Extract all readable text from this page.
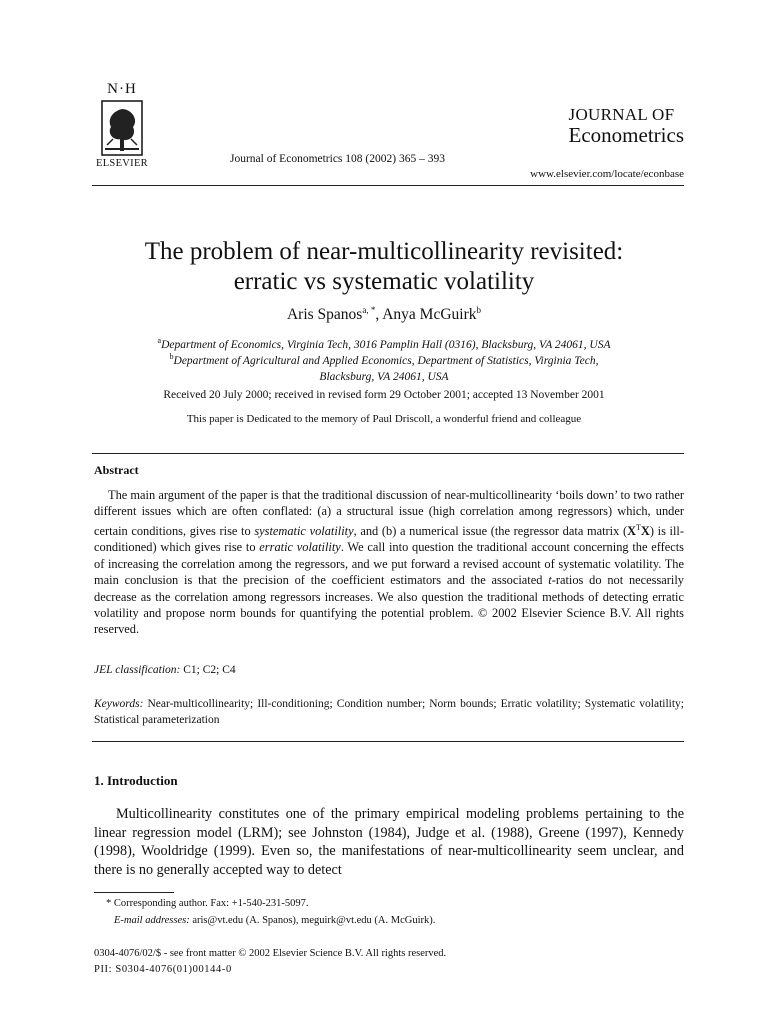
N·H
ELSEVIER	Journal of Econometrics 108 (2002) 365 – 393
JOURNAL OF
Econometrics
www.elsevier.com/locate/econbase
The problem of near-multicollinearity revisited:
erratic vs systematic volatility
Aris Spanos$^{a, *}$, Anya McGuirk$^b$
$^a$Department of Economics, Virginia Tech, 3016 Pamplin Hall (0316), Blacksburg, VA 24061, USA
$^b$Department of Agricultural and Applied Economics, Department of Statistics, Virginia Tech,
Blacksburg, VA 24061, USA
Received 20 July 2000; received in revised form 29 October 2001; accepted 13 November 2001
This paper is Dedicated to the memory of Paul Driscoll, a wonderful friend and colleague
Abstract
The main argument of the paper is that the traditional discussion of near-multicollinearity ‘boils down’ to two rather different issues which are often conflated: (a) a structural issue (high correlation among regressors) which, under certain conditions, gives rise to systematic volatility, and (b) a numerical issue (the regressor data matrix $(X^TX)$ is ill-conditioned) which gives rise to erratic volatility. We call into question the traditional account concerning the effects of increasing the correlation among the regressors, and we put forward a revised account of systematic volatility. The main conclusion is that the precision of the coefficient estimators and the associated t-ratios do not necessarily decrease as the correlation among regressors increases. We also question the traditional methods of detecting erratic volatility and propose norm bounds for quantifying the potential problem. © 2002 Elsevier Science B.V. All rights reserved.
JEL classification: C1; C2; C4
Keywords: Near-multicollinearity; Ill-conditioning; Condition number; Norm bounds; Erratic volatility; Systematic volatility; Statistical parameterization
1. Introduction
Multicollinearity constitutes one of the primary empirical modeling problems pertaining to the linear regression model (LRM); see Johnston (1984), Judge et al. (1988), Greene (1997), Kennedy (1998), Wooldridge (1999). Even so, the manifestations of near-multicollinearity seem unclear, and there is no generally accepted way to detect
* Corresponding author. Fax: +1-540-231-5097.
E-mail addresses: aris@vt.edu (A. Spanos), meguirk@vt.edu (A. McGuirk).
0304-4076/02/$ - see front matter © 2002 Elsevier Science B.V. All rights reserved.
PII: S0304-4076(01)00144-0
